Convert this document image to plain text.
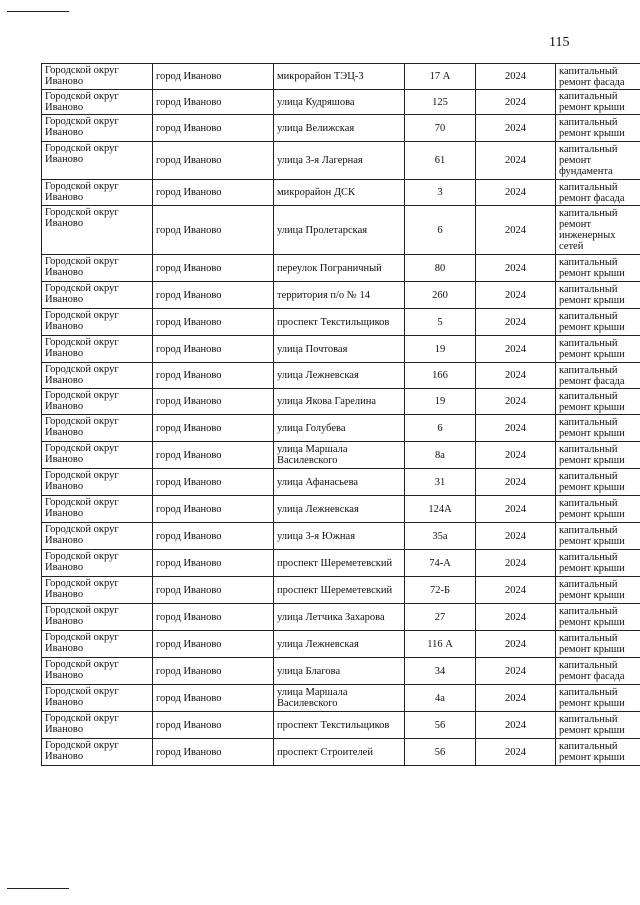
115
Городской округ Иваново	город Иваново	микрорайон ТЭЦ-3	17 А	2024	капитальный ремонт фасада

Городской округ Иваново	город Иваново	улица Кудряшова	125	2024	капитальный ремонт крыши

Городской округ Иваново	город Иваново	улица Велижская	70	2024	капитальный ремонт крыши

Городской округ Иваново	город Иваново	улица 3-я Лагерная	61	2024	капитальный ремонт фундамента

Городской округ Иваново	город Иваново	микрорайон ДСК	3	2024	капитальный ремонт фасада

Городской округ Иваново	город Иваново	улица Пролетарская	6	2024	капитальный ремонт инженерных сетей

Городской округ Иваново	город Иваново	переулок Пограничный	80	2024	капитальный ремонт крыши

Городской округ Иваново	город Иваново	территория п/о № 14	260	2024	капитальный ремонт крыши

Городской округ Иваново	город Иваново	проспект Текстильщиков	5	2024	капитальный ремонт крыши

Городской округ Иваново	город Иваново	улица Почтовая	19	2024	капитальный ремонт крыши

Городской округ Иваново	город Иваново	улица Лежневская	166	2024	капитальный ремонт фасада

Городской округ Иваново	город Иваново	улица Якова Гарелина	19	2024	капитальный ремонт крыши

Городской округ Иваново	город Иваново	улица Голубева	6	2024	капитальный ремонт крыши

Городской округ Иваново	город Иваново	улица Маршала Василевского	8а	2024	капитальный ремонт крыши

Городской округ Иваново	город Иваново	улица Афанасьева	31	2024	капитальный ремонт крыши

Городской округ Иваново	город Иваново	улица Лежневская	124А	2024	капитальный ремонт крыши

Городской округ Иваново	город Иваново	улица 3-я Южная	35а	2024	капитальный ремонт крыши

Городской округ Иваново	город Иваново	проспект Шереметевский	74-А	2024	капитальный ремонт крыши

Городской округ Иваново	город Иваново	проспект Шереметевский	72-Б	2024	капитальный ремонт крыши

Городской округ Иваново	город Иваново	улица Летчика Захарова	27	2024	капитальный ремонт крыши

Городской округ Иваново	город Иваново	улица Лежневская	116 А	2024	капитальный ремонт крыши

Городской округ Иваново	город Иваново	улица Благова	34	2024	капитальный ремонт фасада

Городской округ Иваново	город Иваново	улица Маршала Василевского	4а	2024	капитальный ремонт крыши

Городской округ Иваново	город Иваново	проспект Текстильщиков	56	2024	капитальный ремонт крыши

Городской округ Иваново	город Иваново	проспект Строителей	56	2024	капитальный ремонт крыши
